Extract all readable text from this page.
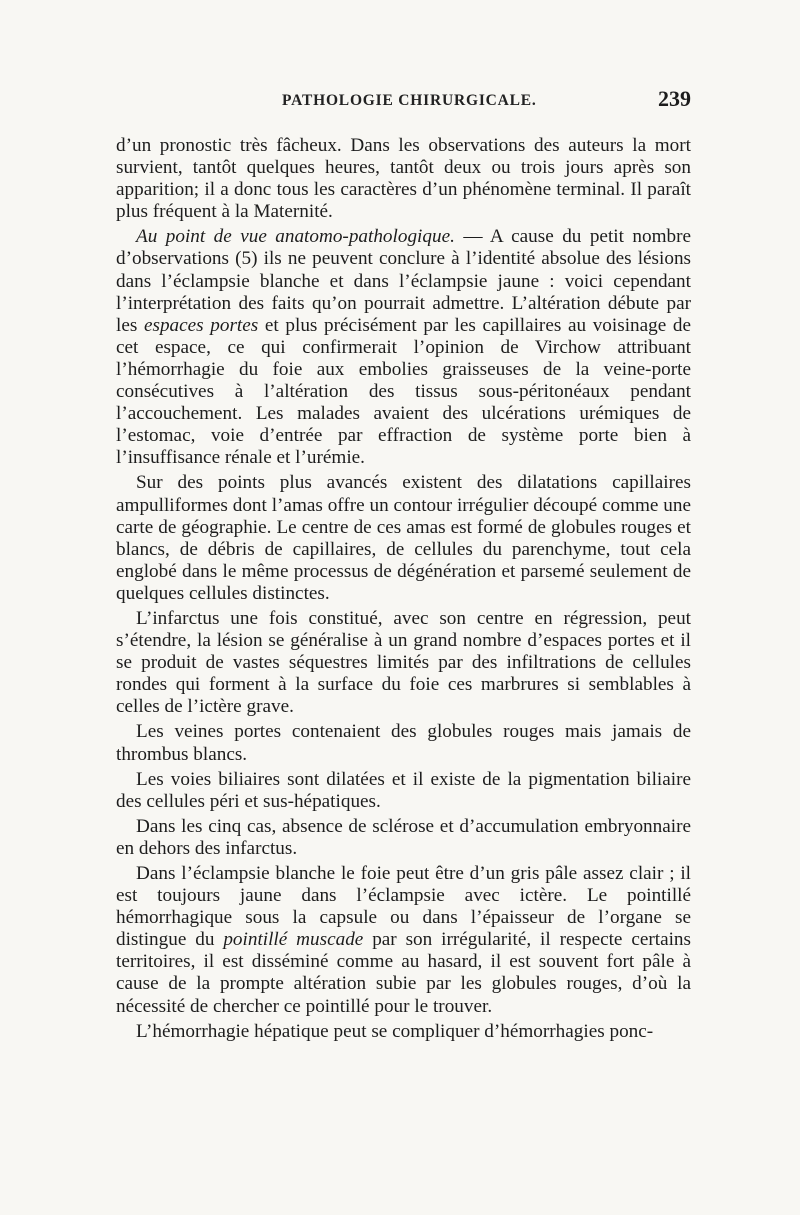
PATHOLOGIE CHIRURGICALE.	239

d’un pronostic très fâcheux. Dans les observations des auteurs la mort survient, tantôt quelques heures, tantôt deux ou trois jours après son apparition; il a donc tous les caractères d’un phénomène terminal. Il paraît plus fréquent à la Maternité.

Au point de vue anatomo-pathologique. — A cause du petit nombre d’observations (5) ils ne peuvent conclure à l’identité absolue des lésions dans l’éclampsie blanche et dans l’éclampsie jaune : voici cependant l’interprétation des faits qu’on pourrait admettre. L’altération débute par les espaces portes et plus précisément par les capillaires au voisinage de cet espace, ce qui confirmerait l’opinion de Virchow attribuant l’hémorrhagie du foie aux embolies graisseuses de la veine-porte consécutives à l’altération des tissus sous-péritonéaux pendant l’accouchement. Les malades avaient des ulcérations urémiques de l’estomac, voie d’entrée par effraction de système porte bien à l’insuffisance rénale et l’urémie.

Sur des points plus avancés existent des dilatations capillaires ampulliformes dont l’amas offre un contour irrégulier découpé comme une carte de géographie. Le centre de ces amas est formé de globules rouges et blancs, de débris de capillaires, de cellules du parenchyme, tout cela englobé dans le même processus de dégénération et parsemé seulement de quelques cellules distinctes.

L’infarctus une fois constitué, avec son centre en régression, peut s’étendre, la lésion se généralise à un grand nombre d’espaces portes et il se produit de vastes séquestres limités par des infiltrations de cellules rondes qui forment à la surface du foie ces marbrures si semblables à celles de l’ictère grave.

Les veines portes contenaient des globules rouges mais jamais de thrombus blancs.

Les voies biliaires sont dilatées et il existe de la pigmentation biliaire des cellules péri et sus-hépatiques.

Dans les cinq cas, absence de sclérose et d’accumulation embryonnaire en dehors des infarctus.

Dans l’éclampsie blanche le foie peut être d’un gris pâle assez clair ; il est toujours jaune dans l’éclampsie avec ictère. Le pointillé hémorrhagique sous la capsule ou dans l’épaisseur de l’organe se distingue du pointillé muscade par son irrégularité, il respecte certains territoires, il est disséminé comme au hasard, il est souvent fort pâle à cause de la prompte altération subie par les globules rouges, d’où la nécessité de chercher ce pointillé pour le trouver.

L’hémorrhagie hépatique peut se compliquer d’hémorrhagies ponc-
